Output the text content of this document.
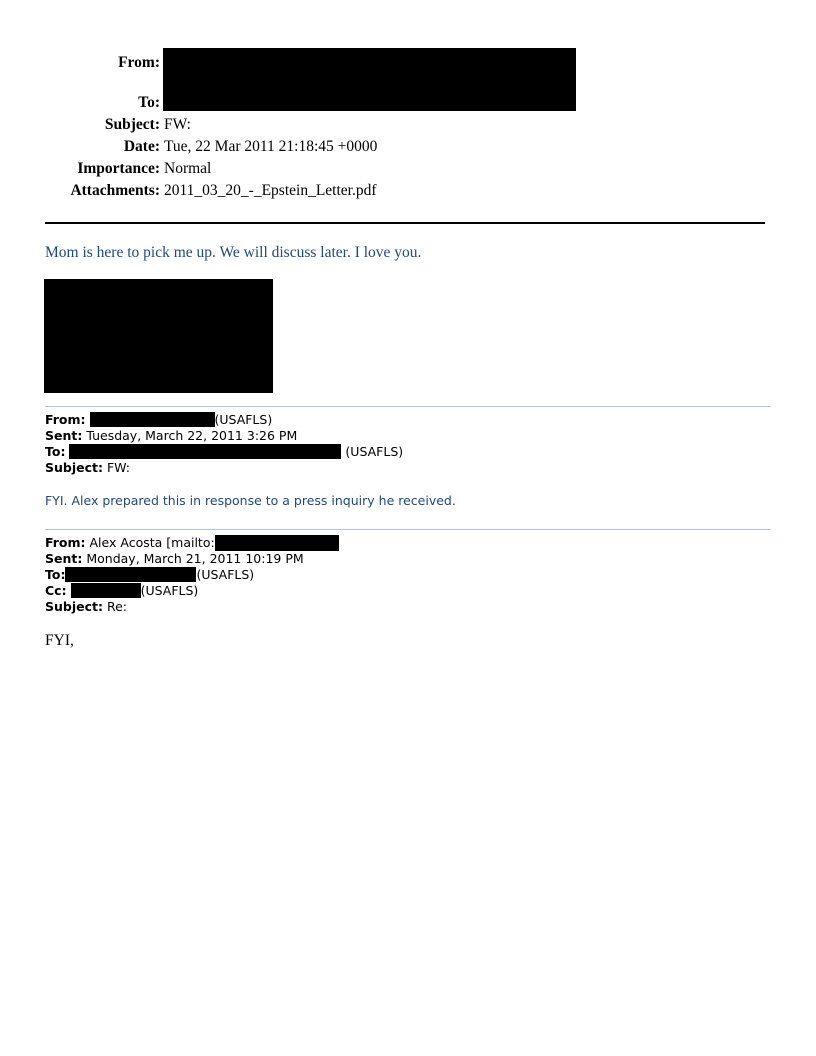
From:
To:
Subject: FW:
Date: Tue, 22 Mar 2011 21:18:45 +0000
Importance: Normal
Attachments: 2011_03_20_-_Epstein_Letter.pdf
Mom is here to pick me up. We will discuss later. I love you.
From:	(USAFLS)
Sent: Tuesday, March 22, 2011 3:26 PM
To:	(USAFLS)
Subject: FW:
FYI. Alex prepared this in response to a press inquiry he received.
From: Alex Acosta [mailto:
Sent: Monday, March 21, 2011 10:19 PM
To:	(USAFLS)
Cc:	(USAFLS)
Subject: Re:
FYI,
